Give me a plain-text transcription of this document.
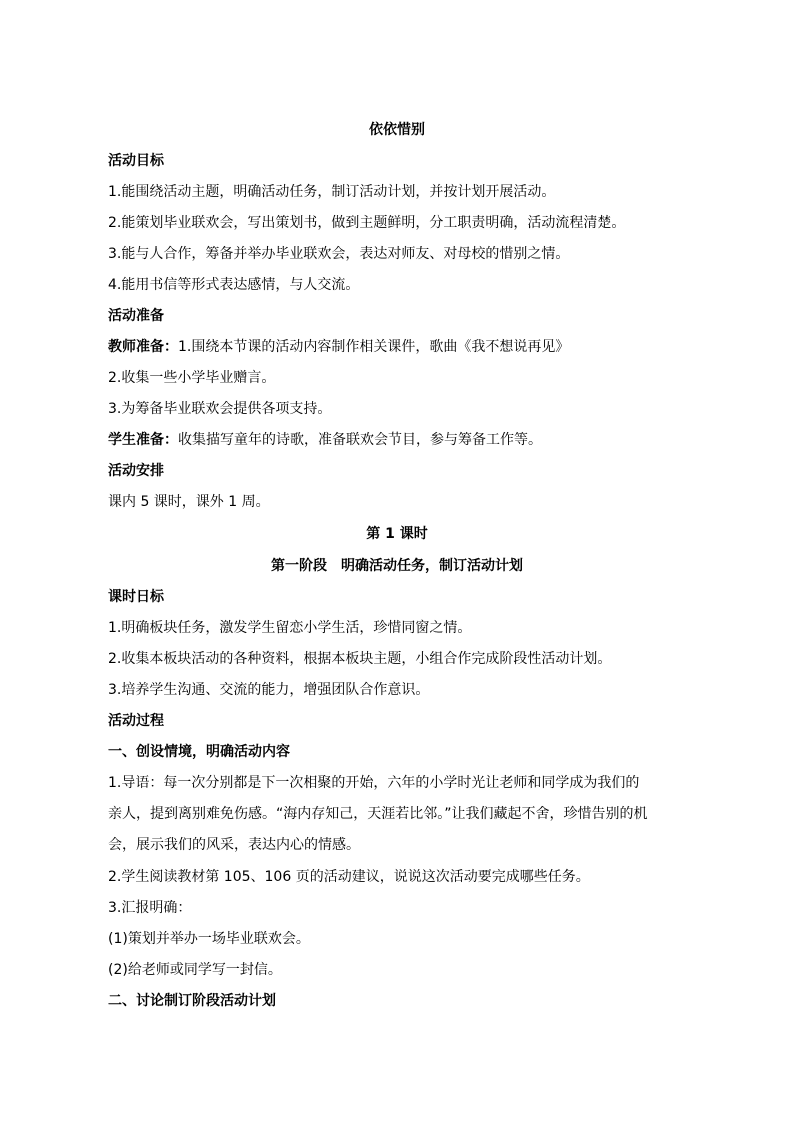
依依惜别
活动目标
1.能围绕活动主题，明确活动任务，制订活动计划，并按计划开展活动。
2.能策划毕业联欢会，写出策划书，做到主题鲜明，分工职责明确，活动流程清楚。
3.能与人合作，筹备并举办毕业联欢会，表达对师友、对母校的惜别之情。
4.能用书信等形式表达感情，与人交流。
活动准备
教师准备：1.围绕本节课的活动内容制作相关课件，歌曲《我不想说再见》
2.收集一些小学毕业赠言。
3.为筹备毕业联欢会提供各项支持。
学生准备：收集描写童年的诗歌，准备联欢会节目，参与筹备工作等。
活动安排
课内 5 课时，课外 1 周。
第 1 课时
第一阶段　明确活动任务，制订活动计划
课时日标
1.明确板块任务，激发学生留恋小学生活，珍惜同窗之情。
2.收集本板块活动的各种资料，根据本板块主题，小组合作完成阶段性活动计划。
3.培养学生沟通、交流的能力，增强团队合作意识。
活动过程
一、创设情境，明确活动内容
1.导语：每一次分别都是下一次相聚的开始，六年的小学时光让老师和同学成为我们的
亲人，提到离别难免伤感。“海内存知己，天涯若比邻。”让我们藏起不舍，珍惜告别的机
会，展示我们的风采，表达内心的情感。
2.学生阅读教材第 105、106 页的活动建议，说说这次活动要完成哪些任务。
3.汇报明确：
(1)策划并举办一场毕业联欢会。
(2)给老师或同学写一封信。
二、讨论制订阶段活动计划
